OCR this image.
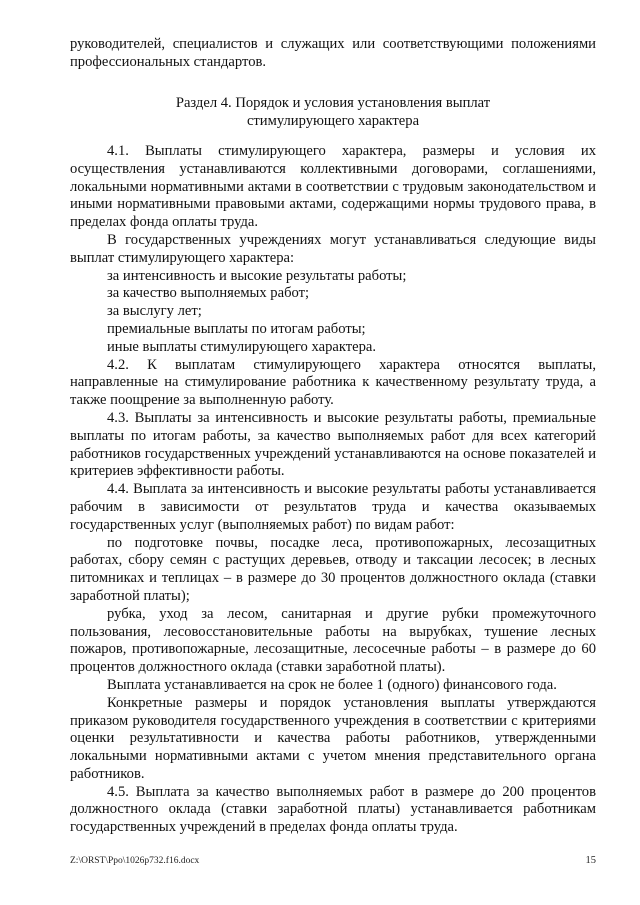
руководителей, специалистов и служащих или соответствующими положениями профессиональных стандартов.

Раздел 4. Порядок и условия установления выплат
стимулирующего характера

4.1. Выплаты стимулирующего характера, размеры и условия их осуществления устанавливаются коллективными договорами, соглашениями, локальными нормативными актами в соответствии с трудовым законодательством и иными нормативными правовыми актами, содержащими нормы трудового права, в пределах фонда оплаты труда.

В государственных учреждениях могут устанавливаться следующие виды выплат стимулирующего характера:

за интенсивность и высокие результаты работы;

за качество выполняемых работ;

за выслугу лет;

премиальные выплаты по итогам работы;

иные выплаты стимулирующего характера.

4.2. К выплатам стимулирующего характера относятся выплаты, направленные на стимулирование работника к качественному результату труда, а также поощрение за выполненную работу.

4.3. Выплаты за интенсивность и высокие результаты работы, премиальные выплаты по итогам работы, за качество выполняемых работ для всех категорий работников государственных учреждений устанавливаются на основе показателей и критериев эффективности работы.

4.4. Выплата за интенсивность и высокие результаты работы устанавливается рабочим в зависимости от результатов труда и качества оказываемых государственных услуг (выполняемых работ) по видам работ:

по подготовке почвы, посадке леса, противопожарных, лесозащитных работах, сбору семян с растущих деревьев, отводу и таксации лесосек; в лесных питомниках и теплицах – в размере до 30 процентов должностного оклада (ставки заработной платы);

рубка, уход за лесом, санитарная и другие рубки промежуточного пользования, лесовосстановительные работы на вырубках, тушение лесных пожаров, противопожарные, лесозащитные, лесосечные работы – в размере до 60 процентов должностного оклада (ставки заработной платы).

Выплата устанавливается на срок не более 1 (одного) финансового года.

Конкретные размеры и порядок установления выплаты утверждаются приказом руководителя государственного учреждения в соответствии с критериями оценки результативности и качества работы работников, утвержденными локальными нормативными актами с учетом мнения представительного органа работников.

4.5. Выплата за качество выполняемых работ в размере до 200 процентов должностного оклада (ставки заработной платы) устанавливается работникам государственных учреждений в пределах фонда оплаты труда.

Z:\ORST\Ppo\1026p732.f16.docx	15
